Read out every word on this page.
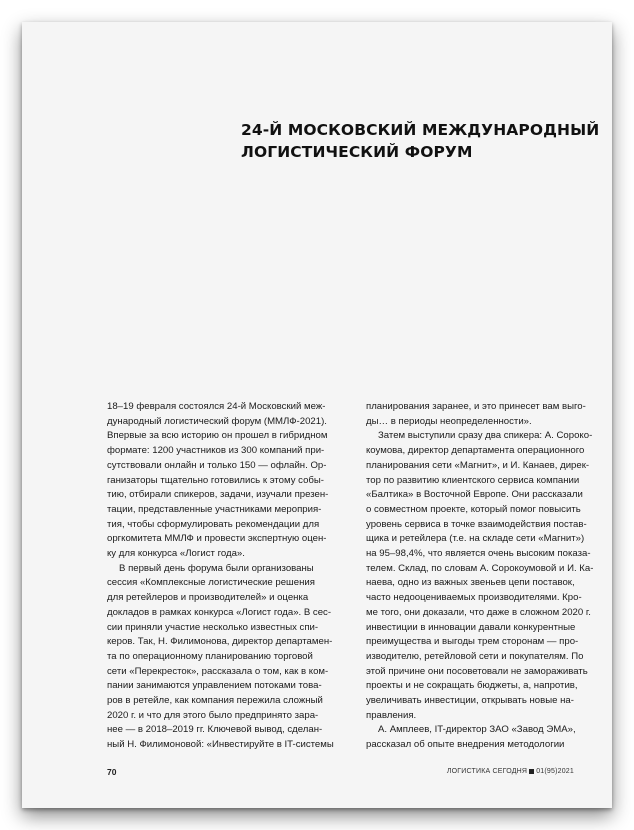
24-Й МОСКОВСКИЙ МЕЖДУНАРОДНЫЙ
ЛОГИСТИЧЕСКИЙ ФОРУМ
18–19 февраля состоялся 24-й Московский меж-
дународный логистический форум (ММЛФ-2021).
Впервые за всю историю он прошел в гибридном
формате: 1200 участников из 300 компаний при-
сутствовали онлайн и только 150 — офлайн. Ор-
ганизаторы тщательно готовились к этому собы-
тию, отбирали спикеров, задачи, изучали презен-
тации, представленные участниками мероприя-
тия, чтобы сформулировать рекомендации для
оргкомитета ММЛФ и провести экспертную оцен-
ку для конкурса «Логист года».
В первый день форума были организованы
сессия «Комплексные логистические решения
для ретейлеров и производителей» и оценка
докладов в рамках конкурса «Логист года». В сес-
сии приняли участие несколько известных спи-
керов. Так, Н. Филимонова, директор департамен-
та по операционному планированию торговой
сети «Перекресток», рассказала о том, как в ком-
пании занимаются управлением потоками това-
ров в ретейле, как компания пережила сложный
2020 г. и что для этого было предпринято зара-
нее — в 2018–2019 гг. Ключевой вывод, сделан-
ный Н. Филимоновой: «Инвестируйте в IT-системы
планирования заранее, и это принесет вам выго-
ды… в периоды неопределенности».
Затем выступили сразу два спикера: А. Сороко-
коумова, директор департамента операционного
планирования сети «Магнит», и И. Канаев, дирек-
тор по развитию клиентского сервиса компании
«Балтика» в Восточной Европе. Они рассказали
о совместном проекте, который помог повысить
уровень сервиса в точке взаимодействия постав-
щика и ретейлера (т.е. на складе сети «Магнит»)
на 95–98,4%, что является очень высоким показа-
телем. Склад, по словам А. Сорокоумовой и И. Ка-
наева, одно из важных звеньев цепи поставок,
часто недооцениваемых производителями. Кро-
ме того, они доказали, что даже в сложном 2020 г.
инвестиции в инновации давали конкурентные
преимущества и выгоды трем сторонам — про-
изводителю, ретейловой сети и покупателям. По
этой причине они посоветовали не замораживать
проекты и не сокращать бюджеты, а, напротив,
увеличивать инвестиции, открывать новые на-
правления.
А. Амплеев, IT-директор ЗАО «Завод ЭМА»,
рассказал об опыте внедрения методологии
70	ЛОГИСТИКА СЕГОДНЯ 01(95)2021
